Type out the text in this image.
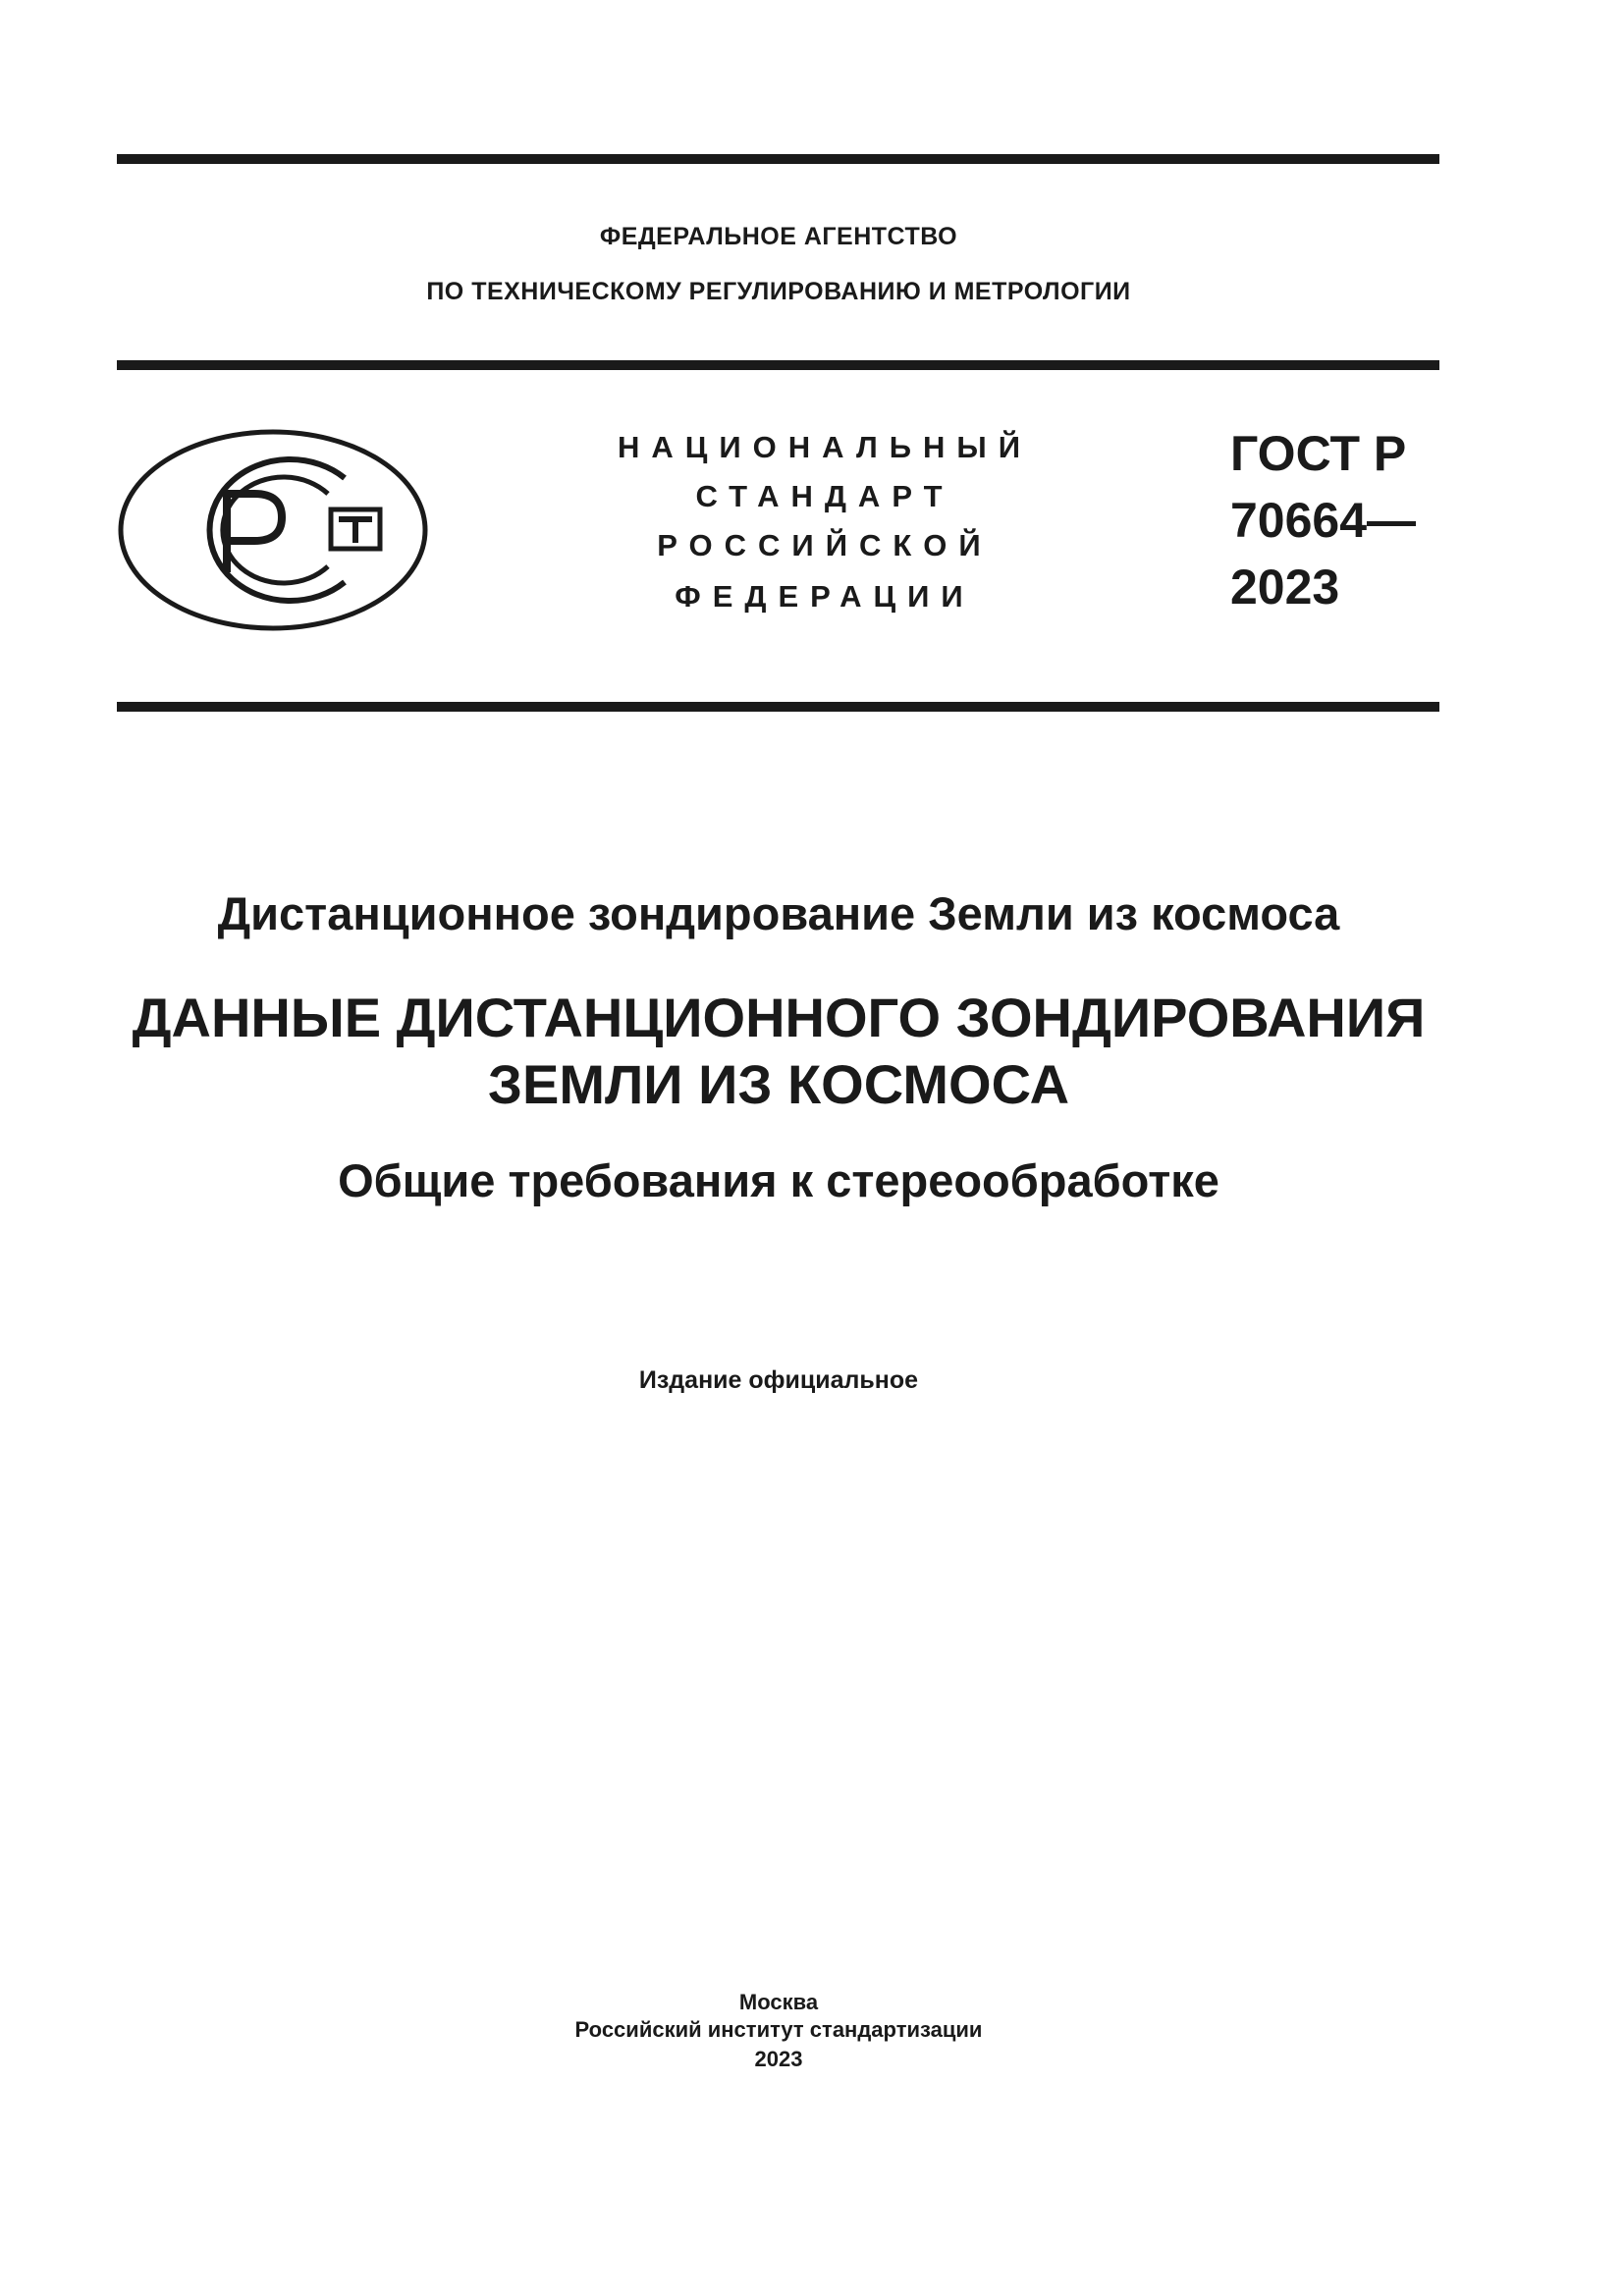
ФЕДЕРАЛЬНОЕ АГЕНТСТВО
ПО ТЕХНИЧЕСКОМУ РЕГУЛИРОВАНИЮ И МЕТРОЛОГИИ
НАЦИОНАЛЬНЫЙ
СТАНДАРТ
РОССИЙСКОЙ
ФЕДЕРАЦИИ
ГОСТ Р
70664—
2023
Дистанционное зондирование Земли из космоса
ДАННЫЕ ДИСТАНЦИОННОГО ЗОНДИРОВАНИЯ
ЗЕМЛИ ИЗ КОСМОСА
Общие требования к стереообработке
Издание официальное
Москва
Российский институт стандартизации
2023
